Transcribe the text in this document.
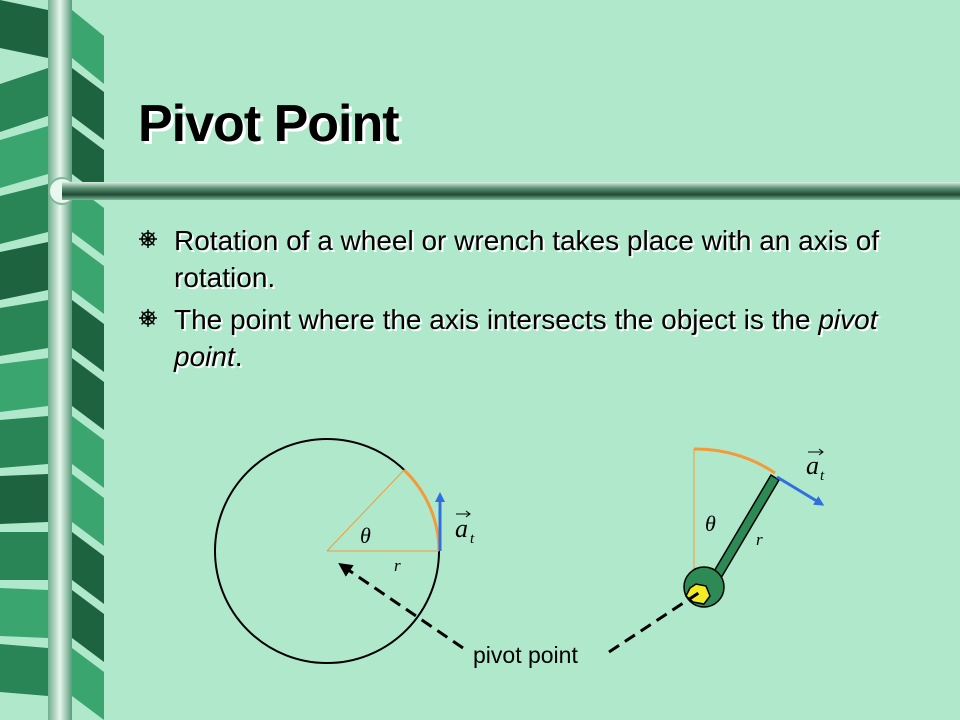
Pivot Point
Rotation of a wheel or wrench takes place with an axis of rotation.
The point where the axis intersects the object is the pivot point.
θ
r
a t
θ
r
a t
pivot point
